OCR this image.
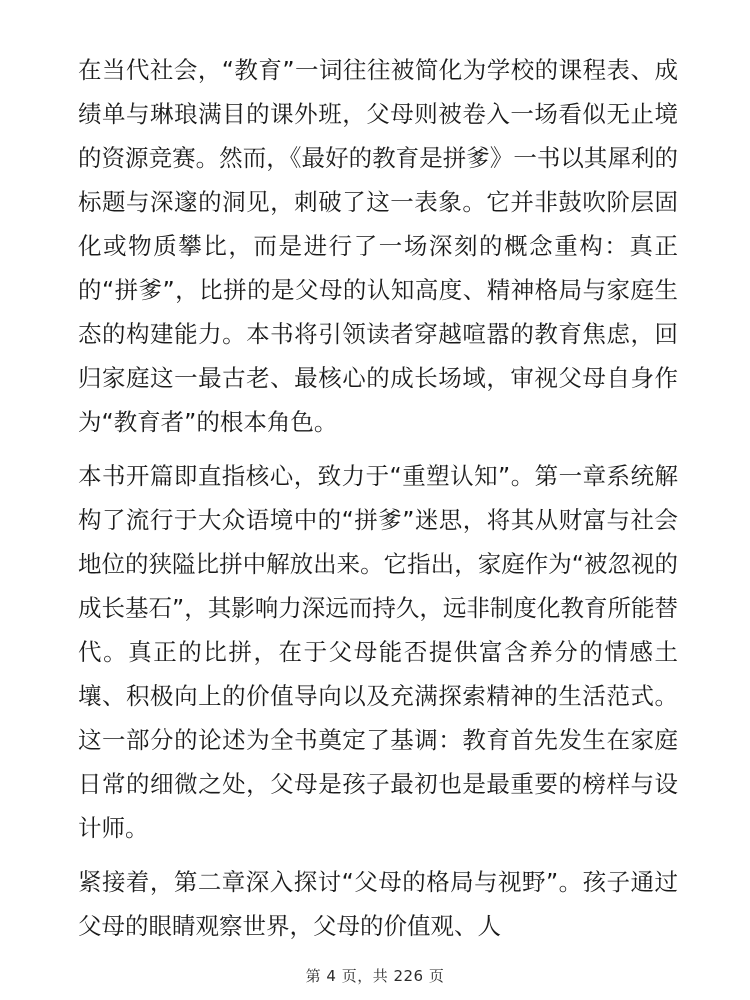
在当代社会，“教育”一词往往被简化为学校的课程表、成绩单与琳琅满目的课外班，父母则被卷入一场看似无止境的资源竞赛。然而，《最好的教育是拼爹》一书以其犀利的标题与深邃的洞见，刺破了这一表象。它并非鼓吹阶层固化或物质攀比，而是进行了一场深刻的概念重构：真正的“拼爹”，比拼的是父母的认知高度、精神格局与家庭生态的构建能力。本书将引领读者穿越喧嚣的教育焦虑，回归家庭这一最古老、最核心的成长场域，审视父母自身作为“教育者”的根本角色。

本书开篇即直指核心，致力于“重塑认知”。第一章系统解构了流行于大众语境中的“拼爹”迷思，将其从财富与社会地位的狭隘比拼中解放出来。它指出，家庭作为“被忽视的成长基石”，其影响力深远而持久，远非制度化教育所能替代。真正的比拼，在于父母能否提供富含养分的情感土壤、积极向上的价值导向以及充满探索精神的生活范式。这一部分的论述为全书奠定了基调：教育首先发生在家庭日常的细微之处，父母是孩子最初也是最重要的榜样与设计师。

紧接着，第二章深入探讨“父母的格局与视野”。孩子通过父母的眼睛观察世界，父母的价值观、人

第 4 页，共 226 页
